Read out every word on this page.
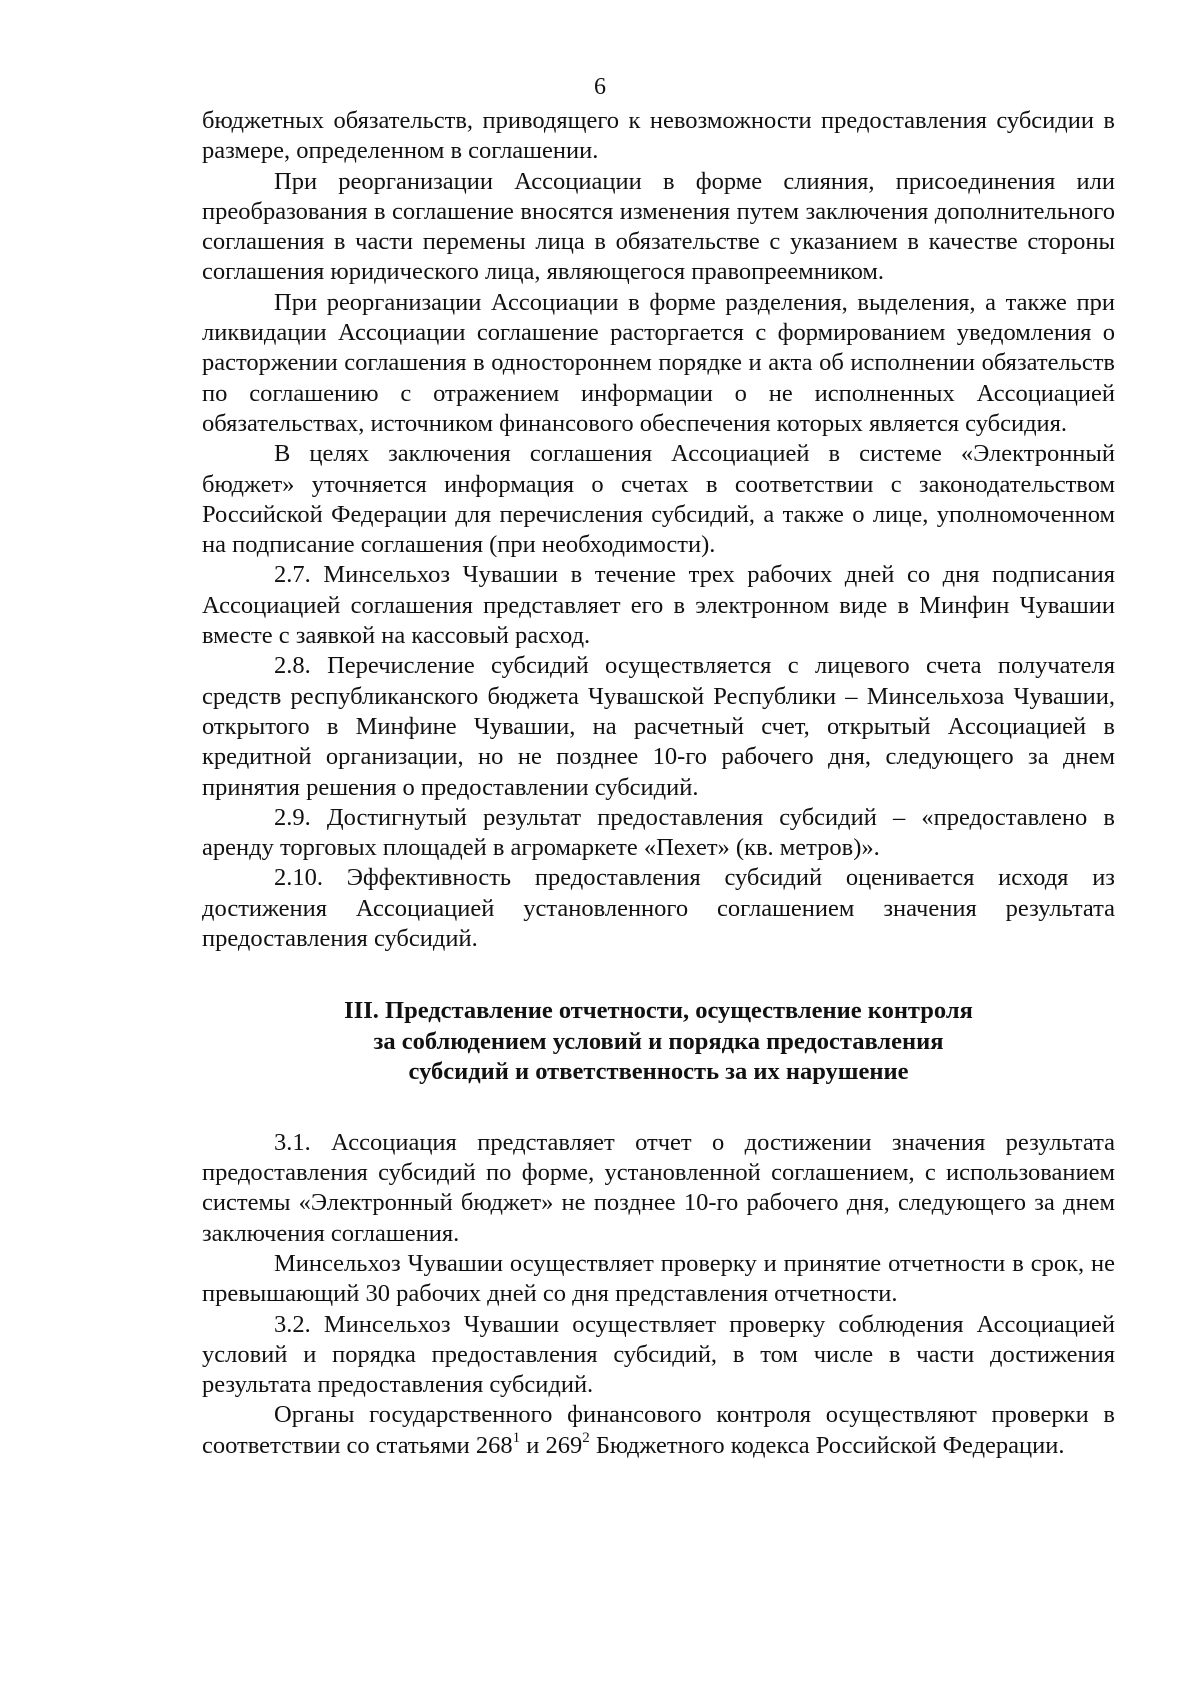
6

бюджетных обязательств, приводящего к невозможности предоставления субсидии в размере, определенном в соглашении.

При реорганизации Ассоциации в форме слияния, присоединения или преобразования в соглашение вносятся изменения путем заключения дополнительного соглашения в части перемены лица в обязательстве с указанием в качестве стороны соглашения юридического лица, являющегося правопреемником.

При реорганизации Ассоциации в форме разделения, выделения, а также при ликвидации Ассоциации соглашение расторгается с формированием уведомления о расторжении соглашения в одностороннем порядке и акта об исполнении обязательств по соглашению с отражением информации о не исполненных Ассоциацией обязательствах, источником финансового обеспечения которых является субсидия.

В целях заключения соглашения Ассоциацией в системе «Электронный бюджет» уточняется информация о счетах в соответствии с законодательством Российской Федерации для перечисления субсидий, а также о лице, уполномоченном на подписание соглашения (при необходимости).

2.7. Минсельхоз Чувашии в течение трех рабочих дней со дня подписания Ассоциацией соглашения представляет его в электронном виде в Минфин Чувашии вместе с заявкой на кассовый расход.

2.8. Перечисление субсидий осуществляется с лицевого счета получателя средств республиканского бюджета Чувашской Республики – Минсельхоза Чувашии, открытого в Минфине Чувашии, на расчетный счет, открытый Ассоциацией в кредитной организации, но не позднее 10-го рабочего дня, следующего за днем принятия решения о предоставлении субсидий.

2.9. Достигнутый результат предоставления субсидий – «предоставлено в аренду торговых площадей в агромаркете «Пехет» (кв. метров)».

2.10. Эффективность предоставления субсидий оценивается исходя из достижения Ассоциацией установленного соглашением значения результата предоставления субсидий.

III. Представление отчетности, осуществление контроля
за соблюдением условий и порядка предоставления
субсидий и ответственность за их нарушение

3.1. Ассоциация представляет отчет о достижении значения результата предоставления субсидий по форме, установленной соглашением, с использованием системы «Электронный бюджет» не позднее 10-го рабочего дня, следующего за днем заключения соглашения.

Минсельхоз Чувашии осуществляет проверку и принятие отчетности в срок, не превышающий 30 рабочих дней со дня представления отчетности.

3.2. Минсельхоз Чувашии осуществляет проверку соблюдения Ассоциацией условий и порядка предоставления субсидий, в том числе в части достижения результата предоставления субсидий.

Органы государственного финансового контроля осуществляют проверки в соответствии со статьями $268^1$ и $269^2$ Бюджетного кодекса Российской Федерации.
